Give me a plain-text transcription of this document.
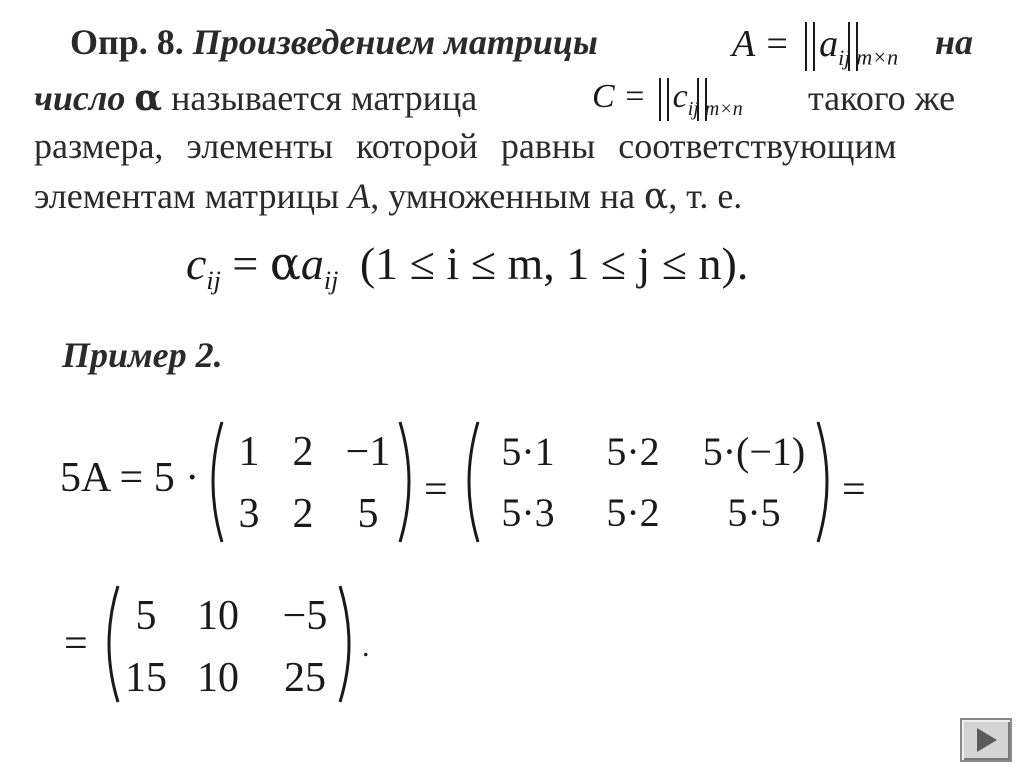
Опр. 8. Произведением матрицы	на
$A = a_{ij}$ $_{m\times n}$
число α называется матрица	$C = c_{ij}$ $_{m\times n}$ такого же
размера, элементы которой равны соответствующим
элементам матрицы A, умноженным на α, т. е.
$c_{ij} = \alpha a_{ij}$ (1 ≤ i ≤ m, 1 ≤ j ≤ n).
Пример 2.
5A = 5 ·
1 2 −1
3 2	5
=
5·1	5·2	5·(−1)
5·3	5·2	5·5	=
=
5 10	−5
15 10	25
.
